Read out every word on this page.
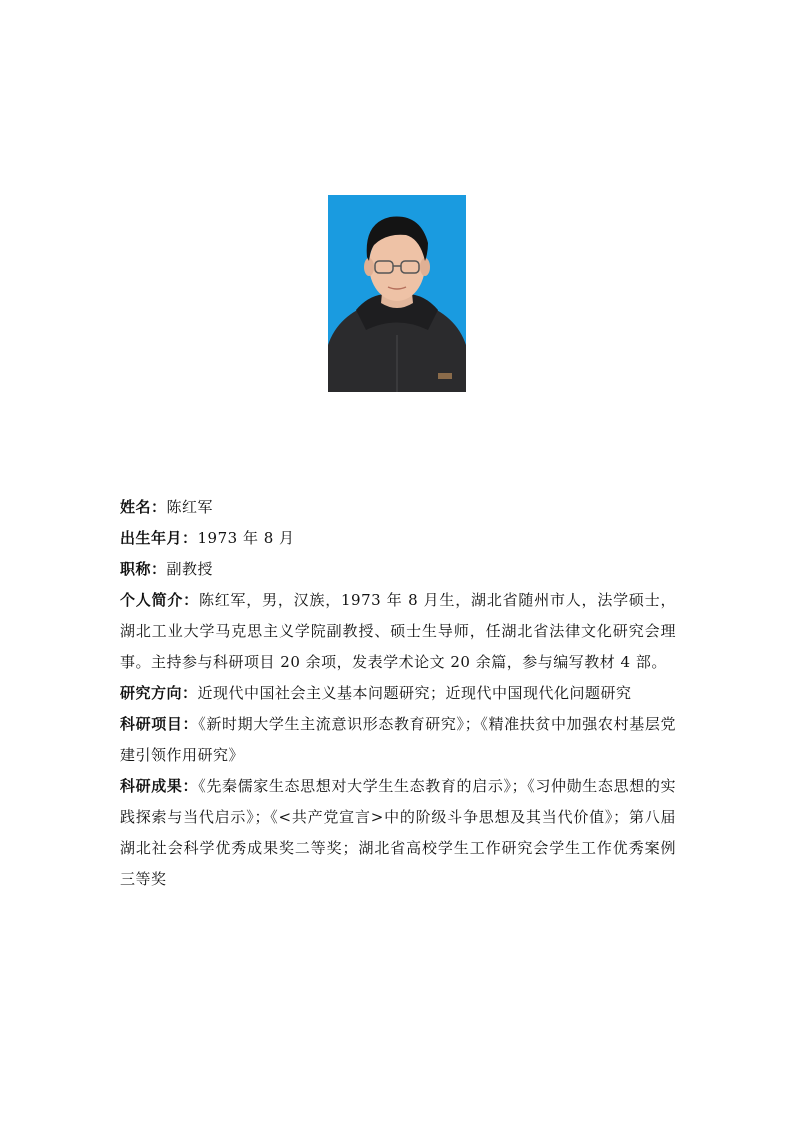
姓名：陈红军

出生年月：1973 年 8 月

职称：副教授

个人简介：陈红军，男，汉族，1973 年 8 月生，湖北省随州市人，法学硕士，湖北工业大学马克思主义学院副教授、硕士生导师，任湖北省法律文化研究会理事。主持参与科研项目 20 余项，发表学术论文 20 余篇，参与编写教材 4 部。

研究方向：近现代中国社会主义基本问题研究；近现代中国现代化问题研究

科研项目：《新时期大学生主流意识形态教育研究》；《精准扶贫中加强农村基层党建引领作用研究》

科研成果：《先秦儒家生态思想对大学生生态教育的启示》；《习仲勋生态思想的实践探索与当代启示》；《<共产党宣言>中的阶级斗争思想及其当代价值》；第八届湖北社会科学优秀成果奖二等奖；湖北省高校学生工作研究会学生工作优秀案例三等奖
